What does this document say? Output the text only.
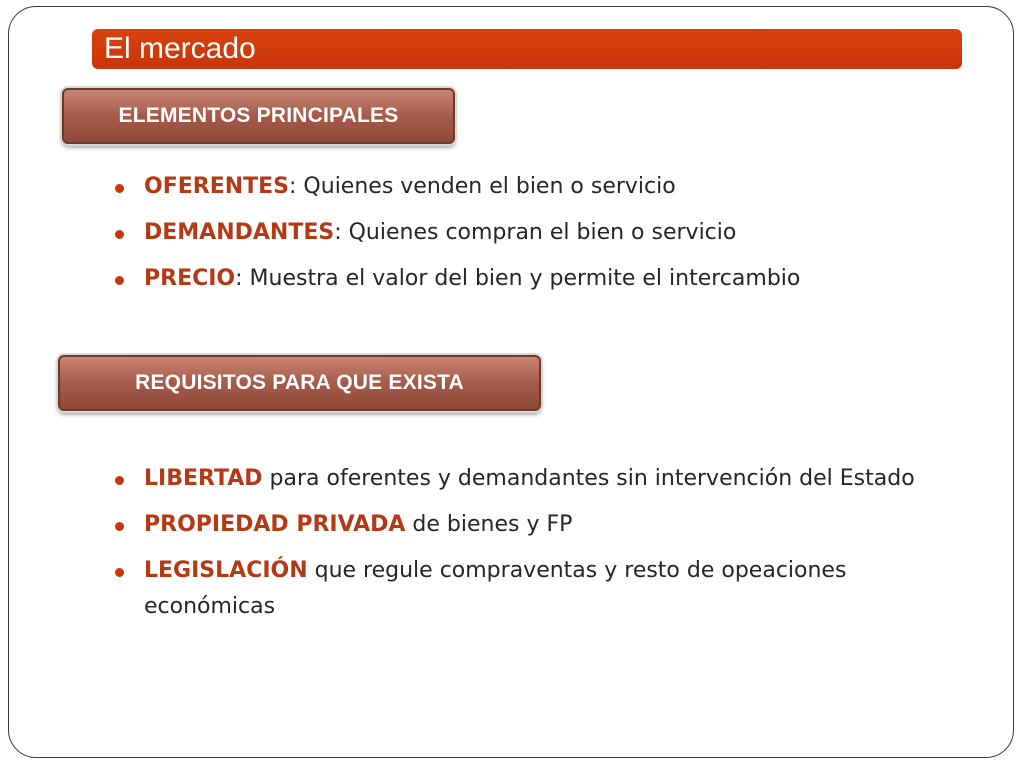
El mercado
ELEMENTOS PRINCIPALES
OFERENTES: Quienes venden el bien o servicio
DEMANDANTES: Quienes compran el bien o servicio
PRECIO: Muestra el valor del bien y permite el intercambio
REQUISITOS PARA QUE EXISTA
LIBERTAD para oferentes y demandantes sin intervención del Estado
PROPIEDAD PRIVADA de bienes y FP
LEGISLACIÓN que regule compraventas y resto de opeaciones económicas
